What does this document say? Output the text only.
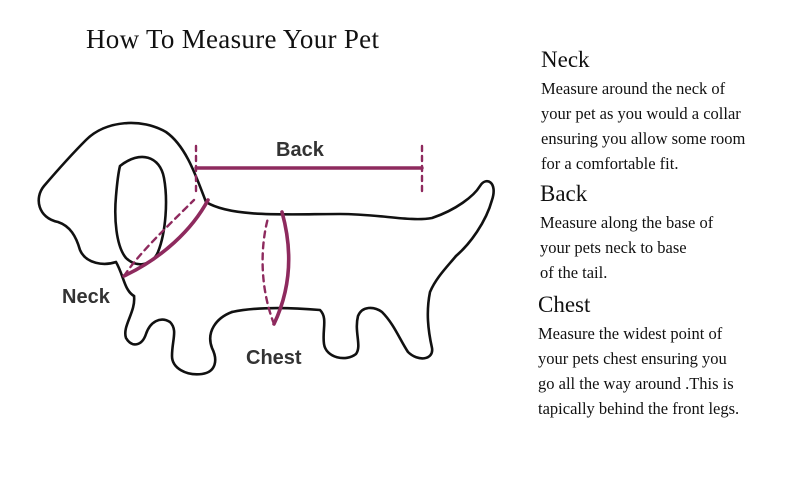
How To Measure Your Pet
Back
Neck
Chest

Neck

Measure around the neck of
your pet as you would a collar
ensuring you allow some room
for a comfortable fit.

Back

Measure along the base of
your pets neck to base
of the tail.

Chest

Measure the widest point of
your pets chest ensuring you
go all the way around .This is
tapically behind the front legs.
